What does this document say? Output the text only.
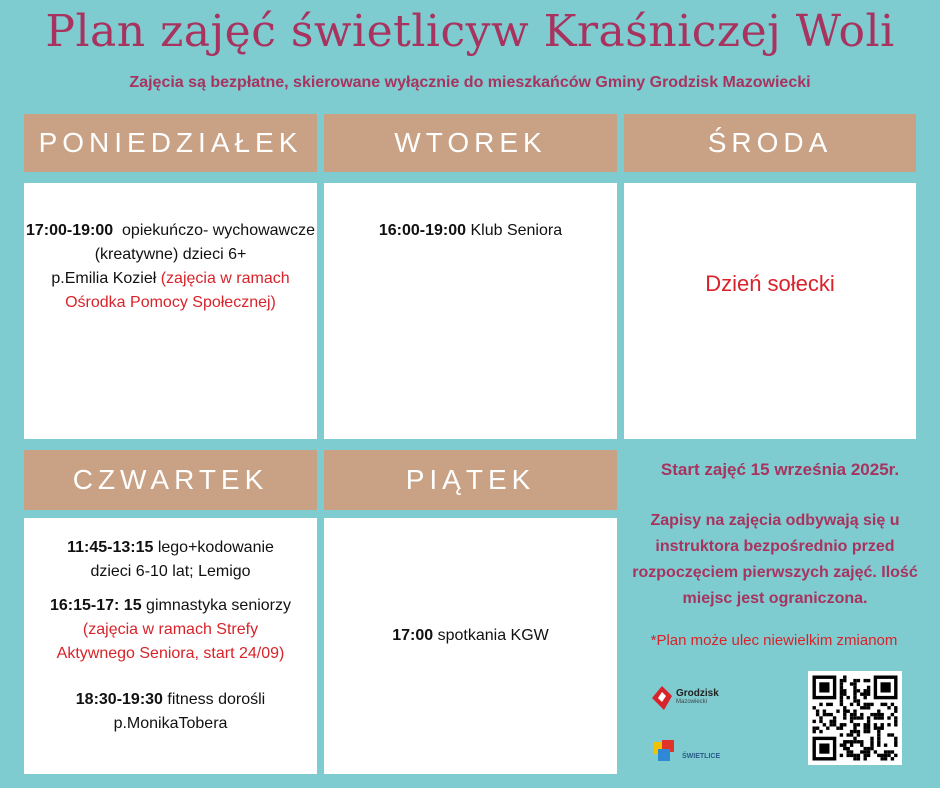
Plan zajęć świetlicyw Kraśniczej Woli
Zajęcia są bezpłatne, skierowane wyłącznie do mieszkańców Gminy Grodzisk Mazowiecki
PONIEDZIAŁEK
17:00-19:00  opiekuńczo- wychowawcze
(kreatywne) dzieci 6+
p.Emilia Kozieł (zajęcia w ramach Ośrodka Pomocy Społecznej)
WTOREK
16:00-19:00 Klub Seniora
ŚRODA
Dzień sołecki
CZWARTEK
11:45-13:15 lego+kodowanie
dzieci 6-10 lat; Lemigo
16:15-17: 15 gimnastyka seniorzy
(zajęcia w ramach Strefy Aktywnego Seniora, start 24/09)
18:30-19:30 fitness dorośli
p.MonikaTobera
PIĄTEK
17:00 spotkania KGW
Start zajęć 15 września 2025r.
Zapisy na zajęcia odbywają się u instruktora bezpośrednio przed rozpoczęciem pierwszych zajęć. Ilość miejsc jest ograniczona.
*Plan może ulec niewielkim zmianom
Grodzisk
Mazowiecki
ŚWIETLICE
